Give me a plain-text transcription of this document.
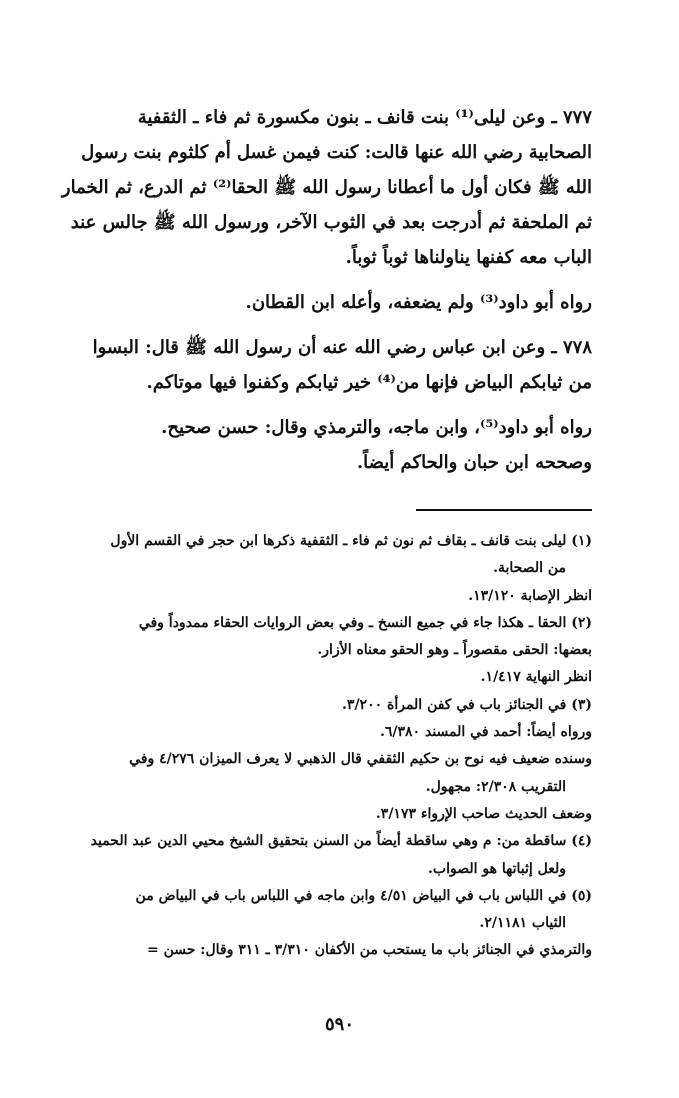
٧٧٧ ـ وعن ليلى⁽¹⁾ بنت قانف ـ بنون مكسورة ثم فاء ـ الثقفية

الصحابية رضي الله عنها قالت: كنت فيمن غسل أم كلثوم بنت رسول

الله ﷺ فكان أول ما أعطانا رسول الله ﷺ الحقا⁽²⁾ ثم الدرع، ثم الخمار

ثم الملحفة ثم أدرجت بعد في الثوب الآخر، ورسول الله ﷺ جالس عند

الباب معه كفنها يناولناها ثوباً ثوباً.

رواه أبو داود⁽³⁾ ولم يضعفه، وأعله ابن القطان.

٧٧٨ ـ وعن ابن عباس رضي الله عنه أن رسول الله ﷺ قال: البسوا

من ثيابكم البياض فإنها من⁽⁴⁾ خير ثيابكم وكفنوا فيها موتاكم.

رواه أبو داود⁽⁵⁾، وابن ماجه، والترمذي وقال: حسن صحيح.

وصححه ابن حبان والحاكم أيضاً.

(١) ليلى بنت قانف ـ بقاف ثم نون ثم فاء ـ الثقفية ذكرها ابن حجر في القسم الأول
من الصحابة.
انظر الإصابة ١٣/١٢٠.
(٢) الحقا ـ هكذا جاء في جميع النسخ ـ وفي بعض الروايات الحقاء ممدوداً وفي
بعضها: الحقى مقصوراً ـ وهو الحقو معناه الأزار.
انظر النهاية ١/٤١٧.
(٣) في الجنائز باب في كفن المرأة ٣/٢٠٠.
ورواه أيضاً: أحمد في المسند ٦/٣٨٠.
وسنده ضعيف فيه نوح بن حكيم الثقفي قال الذهبي لا يعرف الميزان ٤/٢٧٦ وفي
التقريب ٢/٣٠٨: مجهول.
وضعف الحديث صاحب الإرواء ٣/١٧٣.
(٤) ساقطة من: م وهي ساقطة أيضاً من السنن بتحقيق الشيخ محيي الدين عبد الحميد
ولعل إثباتها هو الصواب.
(٥) في اللباس باب في البياض ٤/٥١ وابن ماجه في اللباس باب في البياض من
الثياب ٢/١١٨١.
والترمذي في الجنائز باب ما يستحب من الأكفان ٣/٣١٠ ـ ٣١١ وقال: حسن =
٥٩٠
